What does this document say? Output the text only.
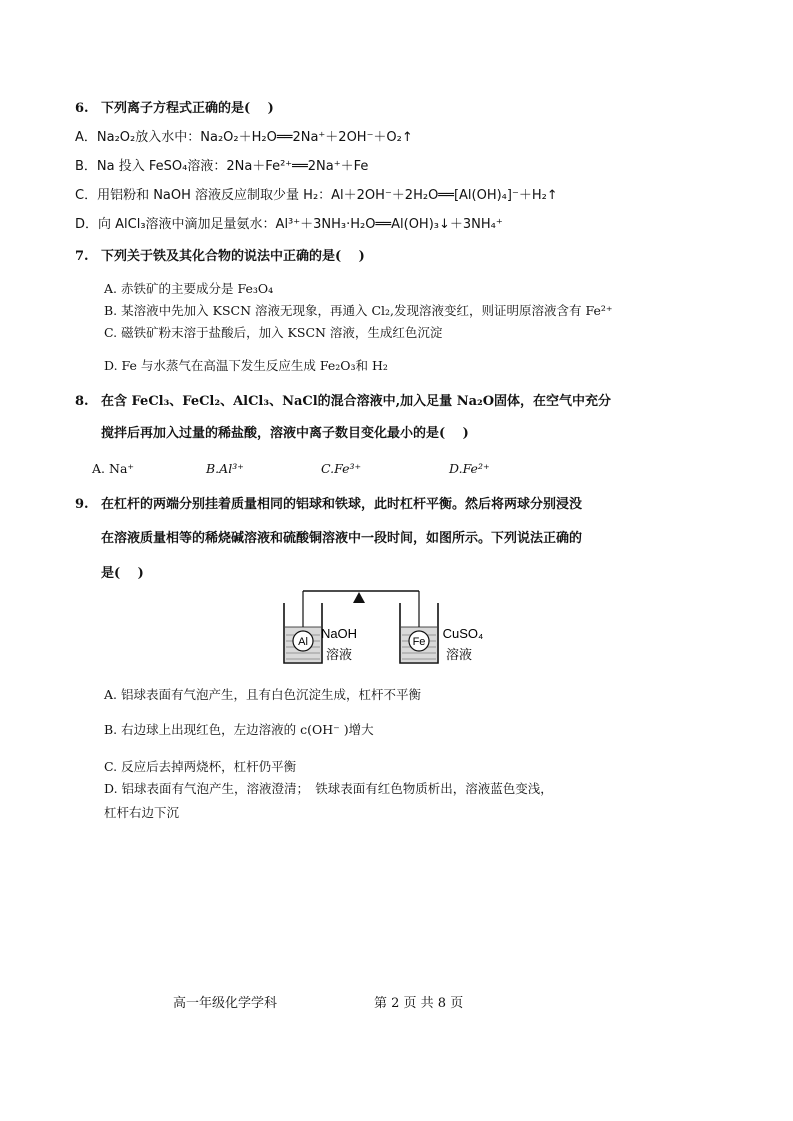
6. 下列离子方程式正确的是(　 )
A．Na₂O₂放入水中：Na₂O₂＋H₂O══2Na⁺＋2OH⁻＋O₂↑
B．Na 投入 FeSO₄溶液：2Na＋Fe²⁺══2Na⁺＋Fe
C．用铝粉和 NaOH 溶液反应制取少量 H₂：Al＋2OH⁻＋2H₂O══[Al(OH)₄]⁻＋H₂↑
D．向 AlCl₃溶液中滴加足量氨水：Al³⁺＋3NH₃·H₂O══Al(OH)₃↓＋3NH₄⁺
7. 下列关于铁及其化合物的说法中正确的是(　 )
A. 赤铁矿的主要成分是 Fe₃O₄
B. 某溶液中先加入 KSCN 溶液无现象，再通入 Cl₂,发现溶液变红，则证明原溶液含有 Fe²⁺
C. 磁铁矿粉末溶于盐酸后，加入 KSCN 溶液，生成红色沉淀
D. Fe 与水蒸气在高温下发生反应生成 Fe₂O₃和 H₂
8. 在含 FeCl₃、FeCl₂、AlCl₃、NaCl的混合溶液中,加入足量 Na₂O固体，在空气中充分
搅拌后再加入过量的稀盐酸，溶液中离子数目变化最小的是(　 )
A. Na⁺	B.Al³⁺	C.Fe³⁺	D.Fe²⁺
9. 在杠杆的两端分别挂着质量相同的铝球和铁球，此时杠杆平衡。然后将两球分别浸没
在溶液质量相等的稀烧碱溶液和硫酸铜溶液中一段时间，如图所示。下列说法正确的
是(　 )
Al
NaOH
溶液
Fe
CuSO₄
溶液
A. 铝球表面有气泡产生，且有白色沉淀生成，杠杆不平衡
B. 右边球上出现红色，左边溶液的 c(OH⁻ )增大
C. 反应后去掉两烧杯，杠杆仍平衡
D. 铝球表面有气泡产生，溶液澄清；　铁球表面有红色物质析出，溶液蓝色变浅，
杠杆右边下沉
高一年级化学学科	第 2 页 共 8 页
